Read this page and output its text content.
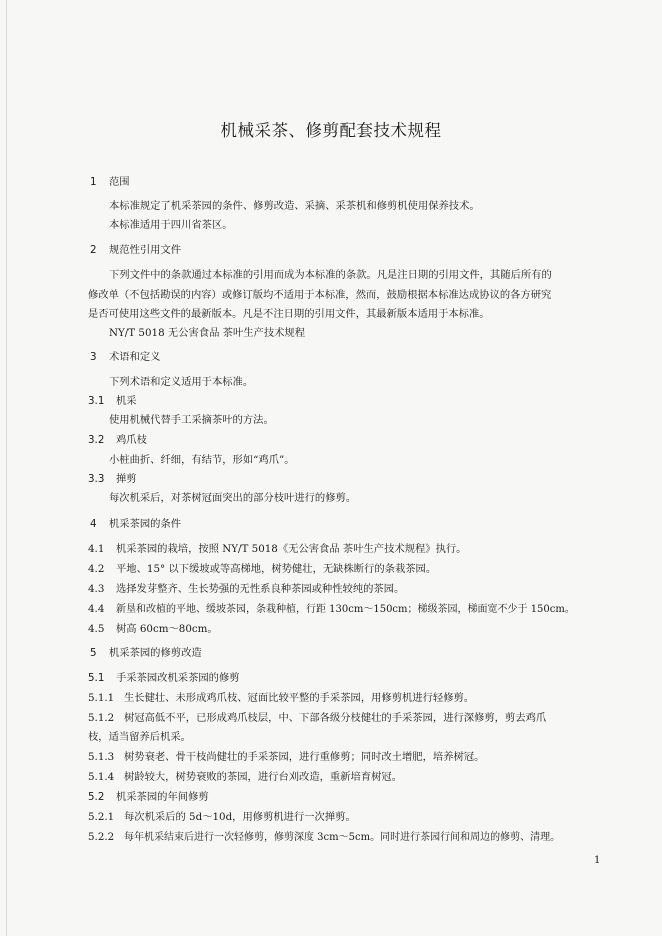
机械采茶、修剪配套技术规程
1 范围
本标准规定了机采茶园的条件、修剪改造、采摘、采茶机和修剪机使用保养技术。
本标准适用于四川省茶区。
2 规范性引用文件
下列文件中的条款通过本标准的引用而成为本标准的条款。凡是注日期的引用文件，其随后所有的
修改单（不包括勘误的内容）或修订版均不适用于本标准，然而，鼓励根据本标准达成协议的各方研究
是否可使用这些文件的最新版本。凡是不注日期的引用文件，其最新版本适用于本标准。
NY/T 5018 无公害食品 茶叶生产技术规程
3 术语和定义
下列术语和定义适用于本标准。
3.1 机采
使用机械代替手工采摘茶叶的方法。
3.2 鸡爪枝
小桩曲折、纤细，有结节，形如“鸡爪”。
3.3 掸剪
每次机采后，对茶树冠面突出的部分枝叶进行的修剪。
4 机采茶园的条件
4.1 机采茶园的栽培，按照 NY/T 5018《无公害食品 茶叶生产技术规程》执行。
4.2 平地、15° 以下缓坡或等高梯地，树势健壮，无缺株断行的条栽茶园。
4.3 选择发芽整齐、生长势强的无性系良种茶园或种性较纯的茶园。
4.4 新垦和改植的平地、缓坡茶园，条栽种植，行距 130cm～150cm；梯级茶园，梯面宽不少于 150cm。
4.5 树高 60cm～80cm。
5 机采茶园的修剪改造
5.1 手采茶园改机采茶园的修剪
5.1.1 生长健壮、未形成鸡爪枝、冠面比较平整的手采茶园，用修剪机进行轻修剪。
5.1.2 树冠高低不平，已形成鸡爪枝层，中、下部各级分枝健壮的手采茶园，进行深修剪，剪去鸡爪
枝，适当留养后机采。
5.1.3 树势衰老、骨干枝尚健壮的手采茶园，进行重修剪；同时改土增肥，培养树冠。
5.1.4 树龄较大，树势衰败的茶园，进行台刈改造，重新培育树冠。
5.2 机采茶园的年间修剪
5.2.1 每次机采后的 5d～10d，用修剪机进行一次掸剪。
5.2.2 每年机采结束后进行一次轻修剪，修剪深度 3cm～5cm。同时进行茶园行间和周边的修剪、清理。
1
